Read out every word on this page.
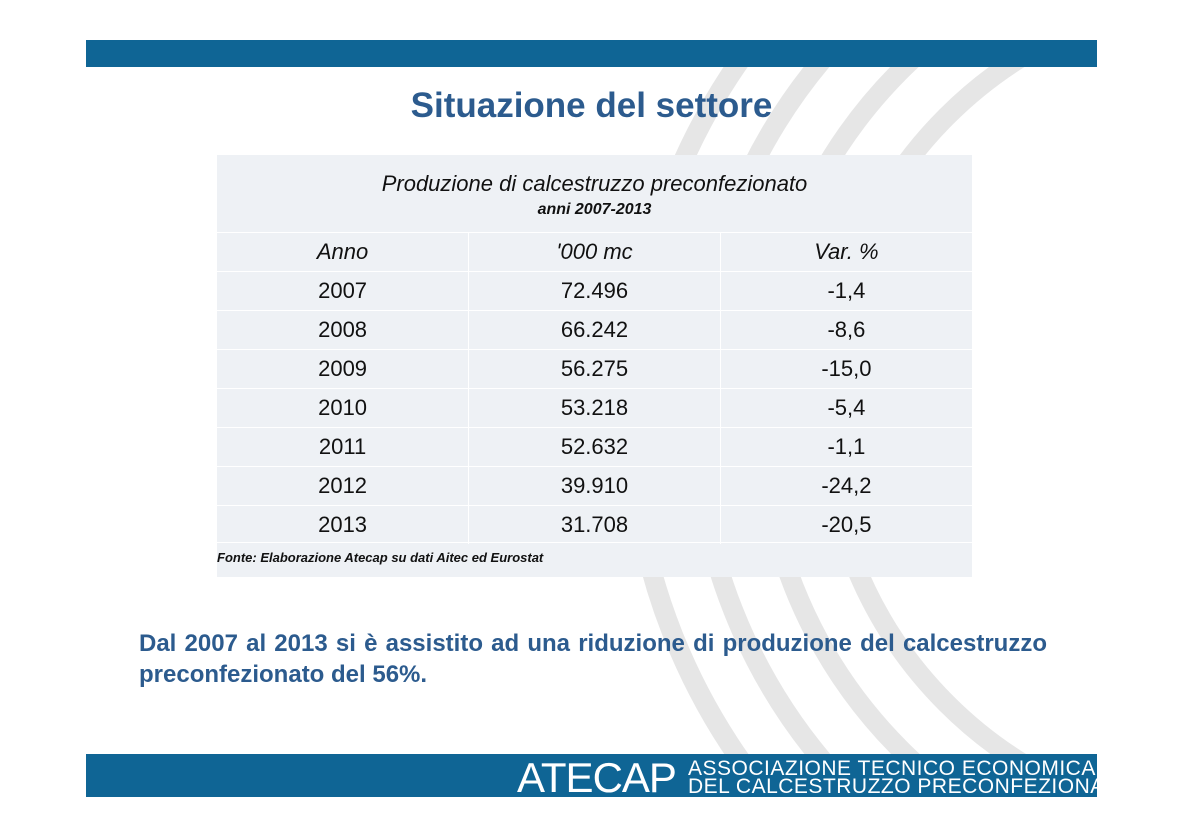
Situazione del settore
Produzione di calcestruzzo preconfezionato
anni 2007-2013
Anno	'000 mc	Var. %
2007	72.496	-1,4
2008	66.242	-8,6
2009	56.275	-15,0
2010	53.218	-5,4
2011	52.632	-1,1
2012	39.910	-24,2
2013	31.708	-20,5
Fonte: Elaborazione Atecap su dati Aitec ed Eurostat

Dal 2007 al 2013 si è assistito ad una riduzione di produzione del calcestruzzo preconfezionato del 56%.

ATECAP ASSOCIAZIONE TECNICO ECONOMICA
DEL CALCESTRUZZO PRECONFEZIONATO
